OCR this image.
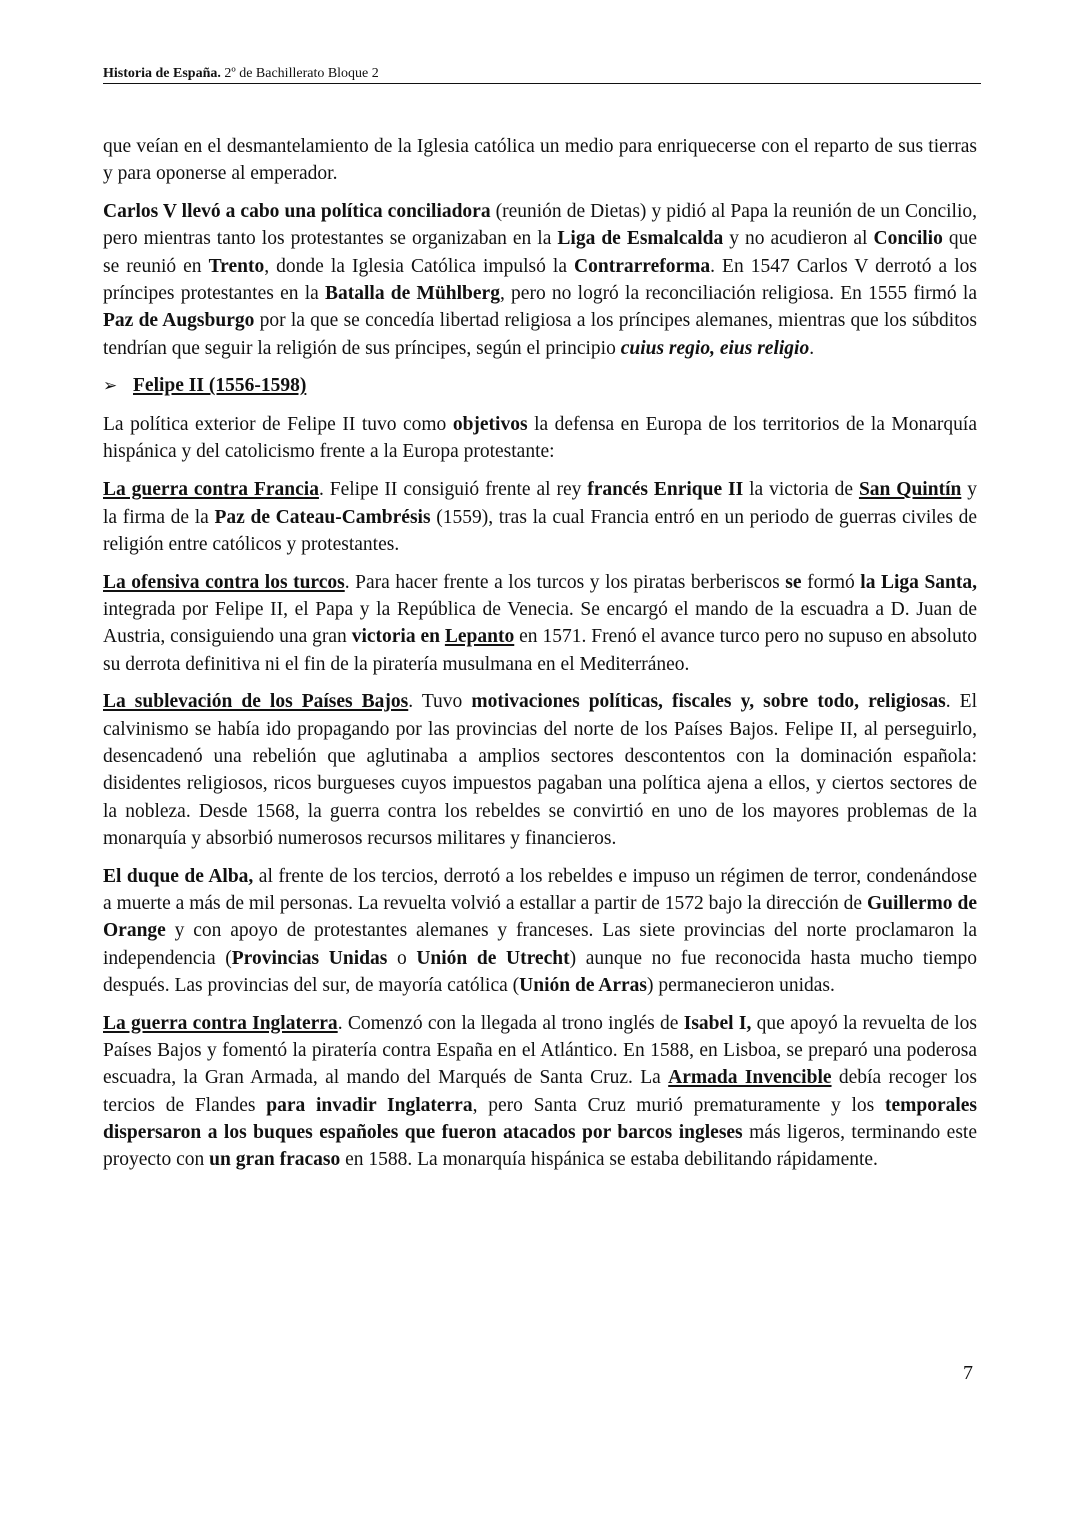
Historia de España. 2º de Bachillerato Bloque 2

que veían en el desmantelamiento de la Iglesia católica un medio para enriquecerse con el reparto de sus tierras y para oponerse al emperador.

Carlos V llevó a cabo una política conciliadora (reunión de Dietas) y pidió al Papa la reunión de un Concilio, pero mientras tanto los protestantes se organizaban en la Liga de Esmalcalda y no acudieron al Concilio que se reunió en Trento, donde la Iglesia Católica impulsó la Contrarreforma. En 1547 Carlos V derrotó a los príncipes protestantes en la Batalla de Mühlberg, pero no logró la reconciliación religiosa. En 1555 firmó la Paz de Augsburgo por la que se concedía libertad religiosa a los príncipes alemanes, mientras que los súbditos tendrían que seguir la religión de sus príncipes, según el principio cuius regio, eius religio.

➢ Felipe II (1556-1598)

La política exterior de Felipe II tuvo como objetivos la defensa en Europa de los territorios de la Monarquía hispánica y del catolicismo frente a la Europa protestante:

La guerra contra Francia. Felipe II consiguió frente al rey francés Enrique II la victoria de San Quintín y la firma de la Paz de Cateau-Cambrésis (1559), tras la cual Francia entró en un periodo de guerras civiles de religión entre católicos y protestantes.

La ofensiva contra los turcos. Para hacer frente a los turcos y los piratas berberiscos se formó la Liga Santa, integrada por Felipe II, el Papa y la República de Venecia. Se encargó el mando de la escuadra a D. Juan de Austria, consiguiendo una gran victoria en Lepanto en 1571. Frenó el avance turco pero no supuso en absoluto su derrota definitiva ni el fin de la piratería musulmana en el Mediterráneo.

La sublevación de los Países Bajos. Tuvo motivaciones políticas, fiscales y, sobre todo, religiosas. El calvinismo se había ido propagando por las provincias del norte de los Países Bajos. Felipe II, al perseguirlo, desencadenó una rebelión que aglutinaba a amplios sectores descontentos con la dominación española: disidentes religiosos, ricos burgueses cuyos impuestos pagaban una política ajena a ellos, y ciertos sectores de la nobleza. Desde 1568, la guerra contra los rebeldes se convirtió en uno de los mayores problemas de la monarquía y absorbió numerosos recursos militares y financieros.

El duque de Alba, al frente de los tercios, derrotó a los rebeldes e impuso un régimen de terror, condenándose a muerte a más de mil personas. La revuelta volvió a estallar a partir de 1572 bajo la dirección de Guillermo de Orange y con apoyo de protestantes alemanes y franceses. Las siete provincias del norte proclamaron la independencia (Provincias Unidas o Unión de Utrecht) aunque no fue reconocida hasta mucho tiempo después. Las provincias del sur, de mayoría católica (Unión de Arras) permanecieron unidas.

La guerra contra Inglaterra. Comenzó con la llegada al trono inglés de Isabel I, que apoyó la revuelta de los Países Bajos y fomentó la piratería contra España en el Atlántico. En 1588, en Lisboa, se preparó una poderosa escuadra, la Gran Armada, al mando del Marqués de Santa Cruz. La Armada Invencible debía recoger los tercios de Flandes para invadir Inglaterra, pero Santa Cruz murió prematuramente y los temporales dispersaron a los buques españoles que fueron atacados por barcos ingleses más ligeros, terminando este proyecto con un gran fracaso en 1588. La monarquía hispánica se estaba debilitando rápidamente.

7
